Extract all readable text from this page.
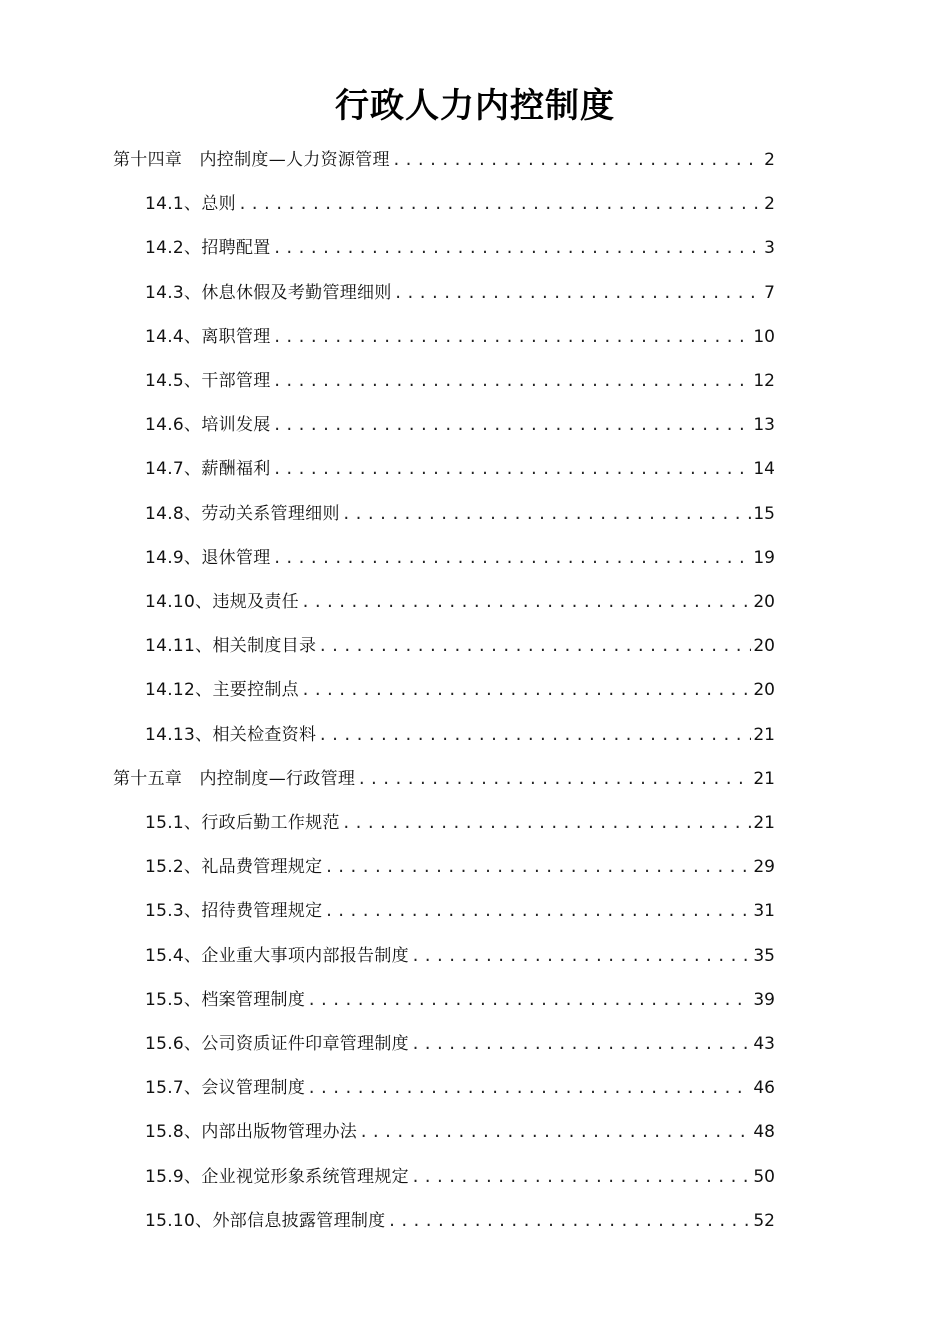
行政人力内控制度
第十四章　内控制度—人力资源管理 .....	2
14.1、总则 .....	2
14.2、招聘配置 .....	3
14.3、休息休假及考勤管理细则 .....	7
14.4、离职管理 .....	10
14.5、干部管理 .....	12
14.6、培训发展 .....	13
14.7、薪酬福利 .....	14
14.8、劳动关系管理细则 .....	15
14.9、退休管理 .....	19
14.10、违规及责任 .....	20
14.11、相关制度目录 .....	20
14.12、主要控制点 .....	20
14.13、相关检查资料 .....	21
第十五章　内控制度—行政管理 .....	21
15.1、行政后勤工作规范 .....	21
15.2、礼品费管理规定 .....	29
15.3、招待费管理规定 .....	31
15.4、企业重大事项内部报告制度 .....	35
15.5、档案管理制度 .....	39
15.6、公司资质证件印章管理制度 .....	43
15.7、会议管理制度 .....	46
15.8、内部出版物管理办法 .....	48
15.9、企业视觉形象系统管理规定 .....	50
15.10、外部信息披露管理制度 .....	52
